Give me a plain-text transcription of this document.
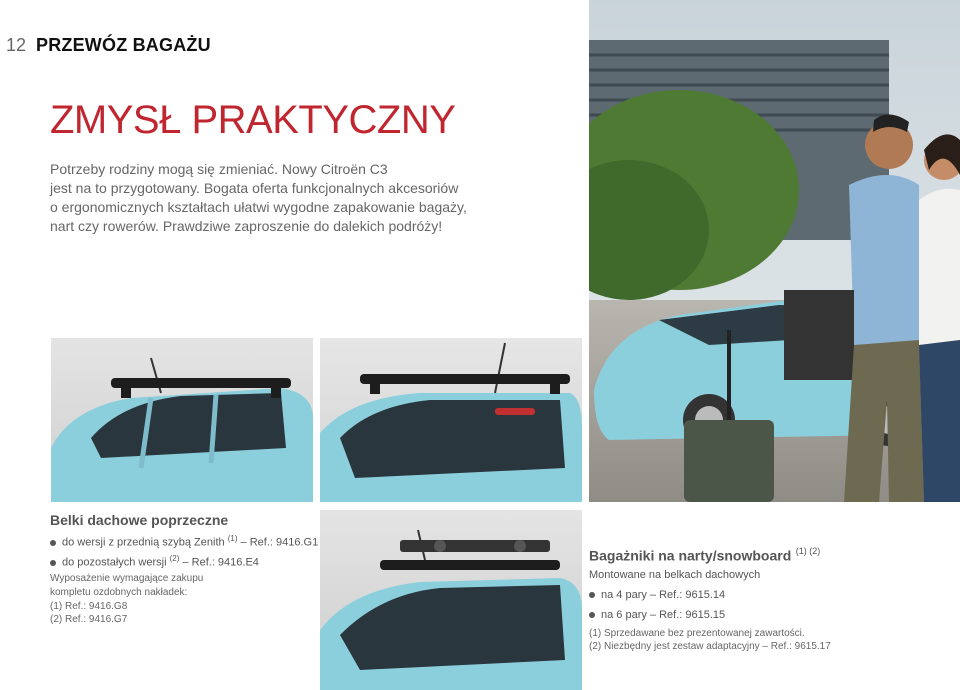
12 PRZEWÓZ BAGAŻU
ZMYSŁ PRAKTYCZNY
Potrzeby rodziny mogą się zmieniać. Nowy Citroën C3
jest na to przygotowany. Bogata oferta funkcjonalnych akcesoriów
o ergonomicznych kształtach ułatwi wygodne zapakowanie bagaży,
nart czy rowerów. Prawdziwe zaproszenie do dalekich podróży!
Belki dachowe poprzeczne
do wersji z przednią szybą Zenith $^{(1)}$ – Ref.: 9416.G1
do pozostałych wersji $^{(2)}$ – Ref.: 9416.E4
Wyposażenie wymagające zakupu
kompletu ozdobnych nakładek:
(1) Ref.: 9416.G8
(2) Ref.: 9416.G7
Bagażniki na narty/snowboard $^{(1) (2)}$
Montowane na belkach dachowych
na 4 pary – Ref.: 9615.14
na 6 pary – Ref.: 9615.15
(1) Sprzedawane bez prezentowanej zawartości.
(2) Niezbędny jest zestaw adaptacyjny – Ref.: 9615.17
